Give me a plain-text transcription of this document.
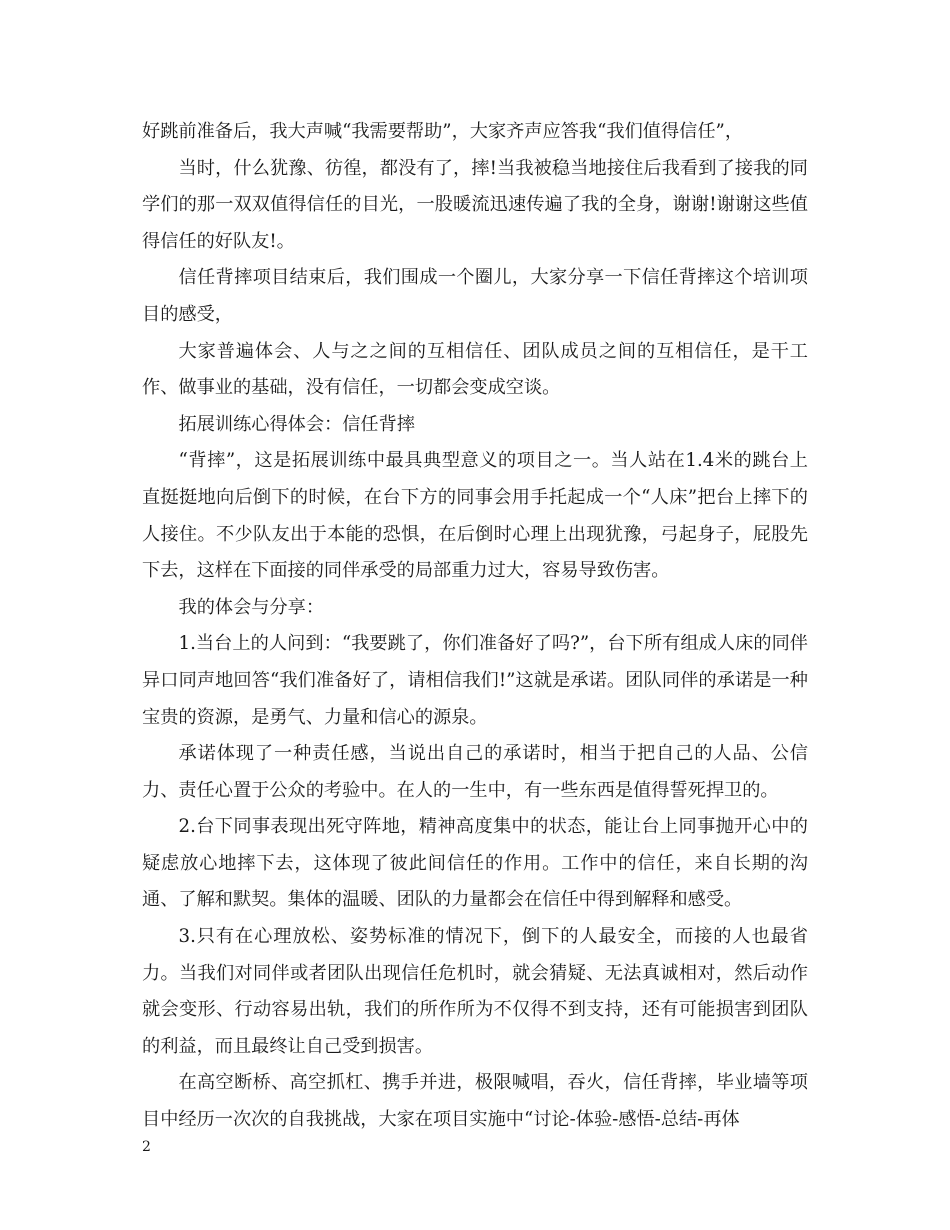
好跳前准备后，我大声喊“我需要帮助”，大家齐声应答我“我们值得信任”，

当时，什么犹豫、彷徨，都没有了，摔!当我被稳当地接住后我看到了接我的同学们的那一双双值得信任的目光，一股暖流迅速传遍了我的全身，谢谢!谢谢这些值得信任的好队友!。

信任背摔项目结束后，我们围成一个圈儿，大家分享一下信任背摔这个培训项目的感受，

大家普遍体会、人与之之间的互相信任、团队成员之间的互相信任，是干工作、做事业的基础，没有信任，一切都会变成空谈。

拓展训练心得体会：信任背摔

“背摔”，这是拓展训练中最具典型意义的项目之一。当人站在1.4米的跳台上直挺挺地向后倒下的时候，在台下方的同事会用手托起成一个“人床”把台上摔下的人接住。不少队友出于本能的恐惧，在后倒时心理上出现犹豫，弓起身子，屁股先下去，这样在下面接的同伴承受的局部重力过大，容易导致伤害。

我的体会与分享：

1.当台上的人问到：“我要跳了，你们准备好了吗?”，台下所有组成人床的同伴异口同声地回答“我们准备好了，请相信我们!”这就是承诺。团队同伴的承诺是一种宝贵的资源，是勇气、力量和信心的源泉。

承诺体现了一种责任感，当说出自己的承诺时，相当于把自己的人品、公信力、责任心置于公众的考验中。在人的一生中，有一些东西是值得誓死捍卫的。

2.台下同事表现出死守阵地，精神高度集中的状态，能让台上同事抛开心中的疑虑放心地摔下去，这体现了彼此间信任的作用。工作中的信任，来自长期的沟通、了解和默契。集体的温暖、团队的力量都会在信任中得到解释和感受。

3.只有在心理放松、姿势标准的情况下，倒下的人最安全，而接的人也最省力。当我们对同伴或者团队出现信任危机时，就会猜疑、无法真诚相对，然后动作就会变形、行动容易出轨，我们的所作所为不仅得不到支持，还有可能损害到团队的利益，而且最终让自己受到损害。

在高空断桥、高空抓杠、携手并进，极限喊唱，吞火，信任背摔，毕业墙等项目中经历一次次的自我挑战，大家在项目实施中“讨论-体验-感悟-总结-再体

2
